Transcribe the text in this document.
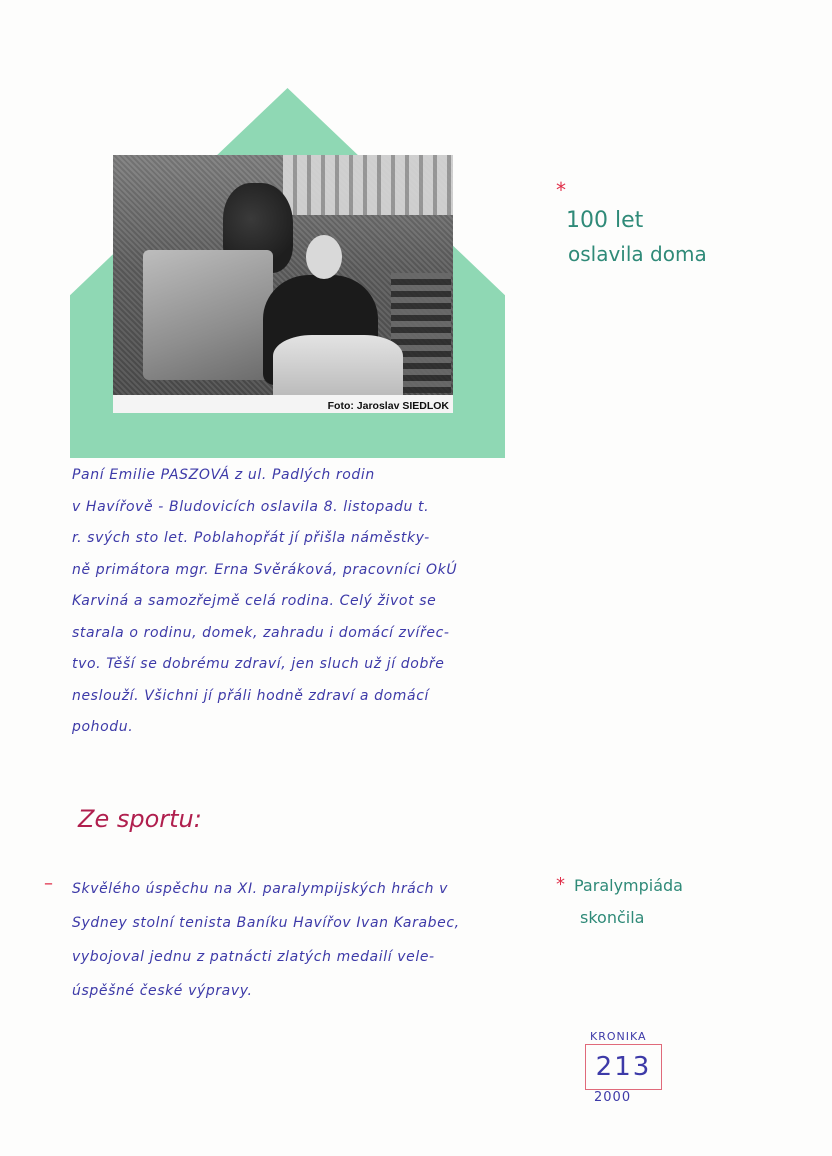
Foto: Jaroslav SIEDLOK
*
100 let
oslavila doma
Paní Emilie PASZOVÁ z ul. Padlých rodin
v Havířově - Bludovicích oslavila 8. listopadu t.
r. svých sto let. Poblahopřát jí přišla náměstky-
ně primátora mgr. Erna Svěráková, pracovníci OkÚ
Karviná a samozřejmě celá rodina. Celý život se
starala o rodinu, domek, zahradu i domácí zvířec-
tvo. Těší se dobrému zdraví, jen sluch už jí dobře
neslouží. Všichni jí přáli hodně zdraví a domácí
pohodu.
Ze sportu:
– Skvělého úspěchu na XI. paralympijských hrách v
Sydney stolní tenista Baníku Havířov Ivan Karabec,
vybojoval jednu z patnácti zlatých medailí vele-
úspěšné české výpravy.
* Paralympiáda
skončila
KRONIKA
213
2000
